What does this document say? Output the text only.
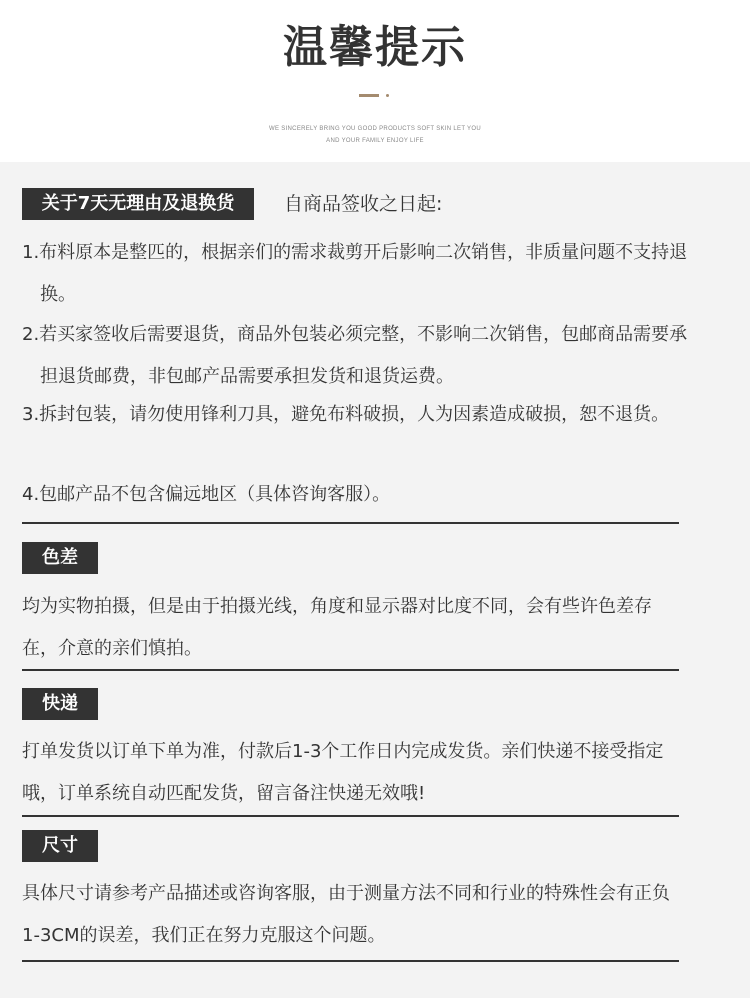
温馨提示
WE SINCERELY BRING YOU GOOD PRODUCTS SOFT SKIN LET YOU
AND YOUR FAMILY ENJOY LIFE
关于7天无理由及退换货	自商品签收之日起:
1.布料原本是整匹的，根据亲们的需求裁剪开后影响二次销售，非质量问题不支持退换。
2.若买家签收后需要退货，商品外包装必须完整，不影响二次销售，包邮商品需要承担退货邮费，非包邮产品需要承担发货和退货运费。
3.拆封包装，请勿使用锋利刀具，避免布料破损，人为因素造成破损，恕不退货。
4.包邮产品不包含偏远地区（具体咨询客服）。
色差
均为实物拍摄，但是由于拍摄光线，角度和显示器对比度不同，会有些许色差存在，介意的亲们慎拍。
快递
打单发货以订单下单为准，付款后1-3个工作日内完成发货。亲们快递不接受指定哦，订单系统自动匹配发货，留言备注快递无效哦!
尺寸
具体尺寸请参考产品描述或咨询客服，由于测量方法不同和行业的特殊性会有正负1-3CM的误差，我们正在努力克服这个问题。
